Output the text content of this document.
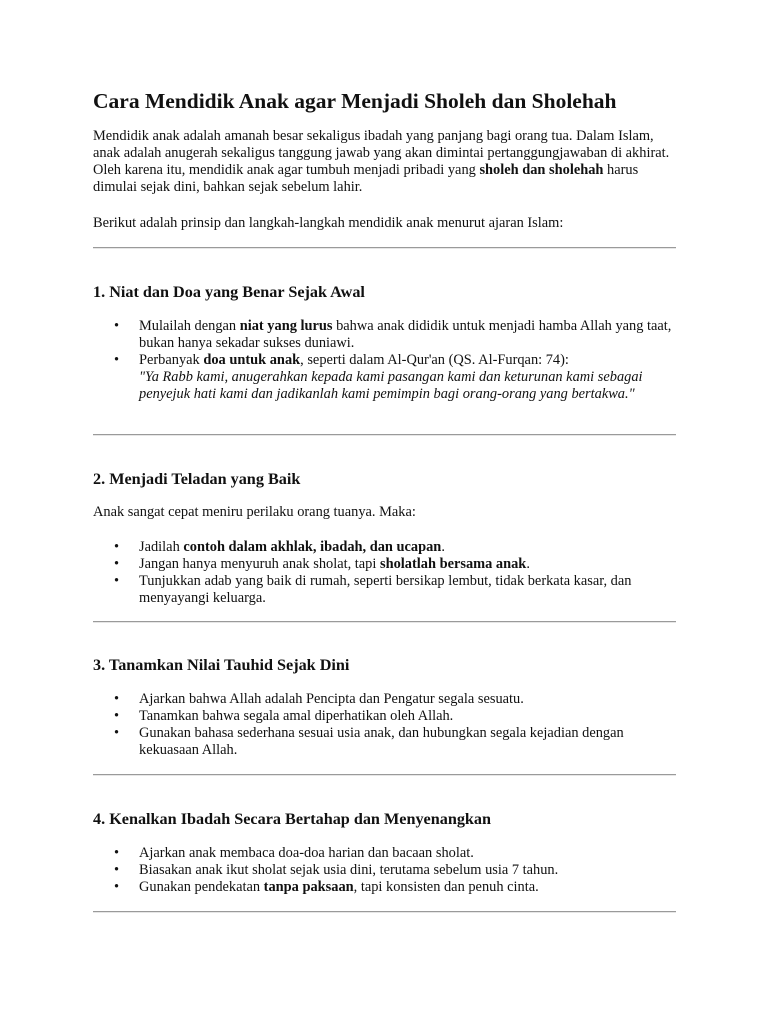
Cara Mendidik Anak agar Menjadi Sholeh dan Sholehah

Mendidik anak adalah amanah besar sekaligus ibadah yang panjang bagi orang tua. Dalam Islam, anak adalah anugerah sekaligus tanggung jawab yang akan dimintai pertanggungjawaban di akhirat. Oleh karena itu, mendidik anak agar tumbuh menjadi pribadi yang sholeh dan sholehah harus dimulai sejak dini, bahkan sejak sebelum lahir.

Berikut adalah prinsip dan langkah-langkah mendidik anak menurut ajaran Islam:

1. Niat dan Doa yang Benar Sejak Awal
• Mulailah dengan niat yang lurus bahwa anak dididik untuk menjadi hamba Allah yang taat, bukan hanya sekadar sukses duniawi.
• Perbanyak doa untuk anak, seperti dalam Al-Qur'an (QS. Al-Furqan: 74):
"Ya Rabb kami, anugerahkan kepada kami pasangan kami dan keturunan kami sebagai penyejuk hati kami dan jadikanlah kami pemimpin bagi orang-orang yang bertakwa."
2. Menjadi Teladan yang Baik

Anak sangat cepat meniru perilaku orang tuanya. Maka:

• Jadilah contoh dalam akhlak, ibadah, dan ucapan.
• Jangan hanya menyuruh anak sholat, tapi sholatlah bersama anak.
• Tunjukkan adab yang baik di rumah, seperti bersikap lembut, tidak berkata kasar, dan menyayangi keluarga.
3. Tanamkan Nilai Tauhid Sejak Dini
• Ajarkan bahwa Allah adalah Pencipta dan Pengatur segala sesuatu.
• Tanamkan bahwa segala amal diperhatikan oleh Allah.
• Gunakan bahasa sederhana sesuai usia anak, dan hubungkan segala kejadian dengan kekuasaan Allah.
4. Kenalkan Ibadah Secara Bertahap dan Menyenangkan
• Ajarkan anak membaca doa-doa harian dan bacaan sholat.
• Biasakan anak ikut sholat sejak usia dini, terutama sebelum usia 7 tahun.
• Gunakan pendekatan tanpa paksaan, tapi konsisten dan penuh cinta.
